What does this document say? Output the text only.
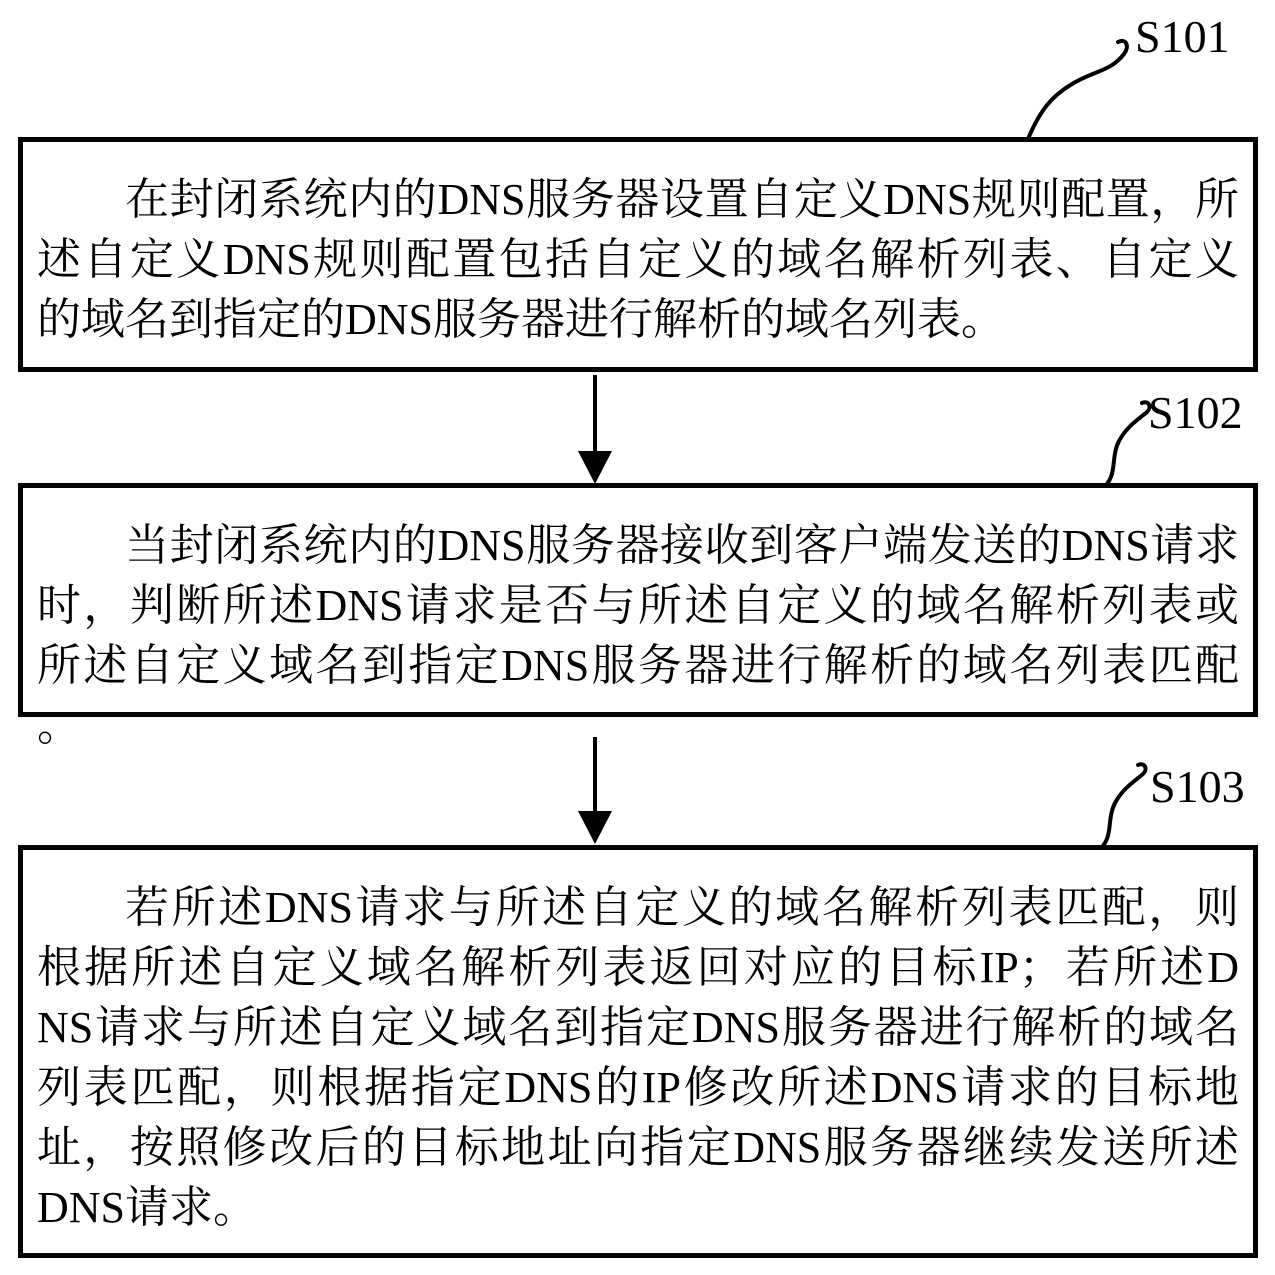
S101
S102
S103
在封闭系统内的DNS服务器设置自定义DNS规则配置，所
述自定义DNS规则配置包括自定义的域名解析列表、自定义
的域名到指定的DNS服务器进行解析的域名列表。
当封闭系统内的DNS服务器接收到客户端发送的DNS请求
时，判断所述DNS请求是否与所述自定义的域名解析列表或
所述自定义域名到指定DNS服务器进行解析的域名列表匹配
。
若所述DNS请求与所述自定义的域名解析列表匹配，则
根据所述自定义域名解析列表返回对应的目标IP；若所述D
NS请求与所述自定义域名到指定DNS服务器进行解析的域名
列表匹配，则根据指定DNS的IP修改所述DNS请求的目标地
址，按照修改后的目标地址向指定DNS服务器继续发送所述
DNS请求。
